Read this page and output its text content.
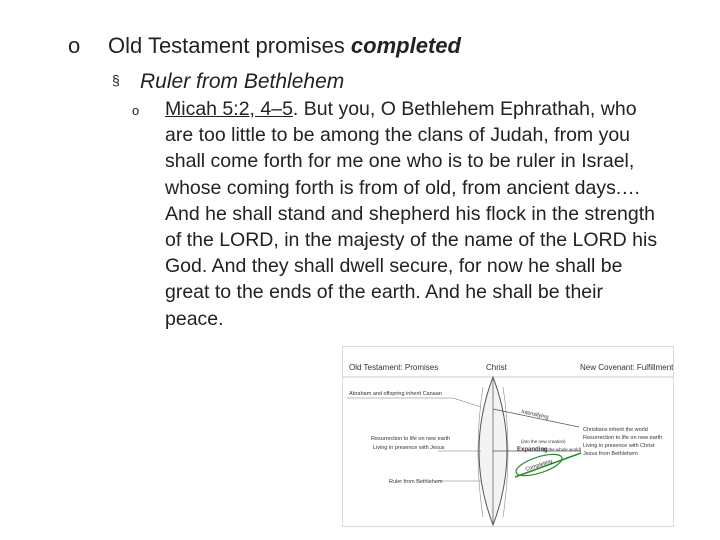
o Old Testament promises completed
§ Ruler from Bethlehem
o Micah 5:2, 4–5. But you, O Bethlehem Ephrathah, who are too little to be among the clans of Judah, from you shall come forth for me one who is to be ruler in Israel, whose coming forth is from of old, from ancient days.… And he shall stand and shepherd his flock in the strength of the LORD, in the majesty of the name of the LORD his God. And they shall dwell secure, for now he shall be great to the ends of the earth. And he shall be their peace.
Old Testament: Promises	Christ	New Covenant: Fulfillment
Abraham and offspring inherit Canaan
Resurrection to life on new earth
Living in presence with Jesus
Ruler from Bethlehem
Intensifying
(into the new creation)
Expanding
(to the whole world)
Completing
Christians inherit the world
Resurrection to life on new earth
Living in presence with Christ
Jesus from Bethlehem
